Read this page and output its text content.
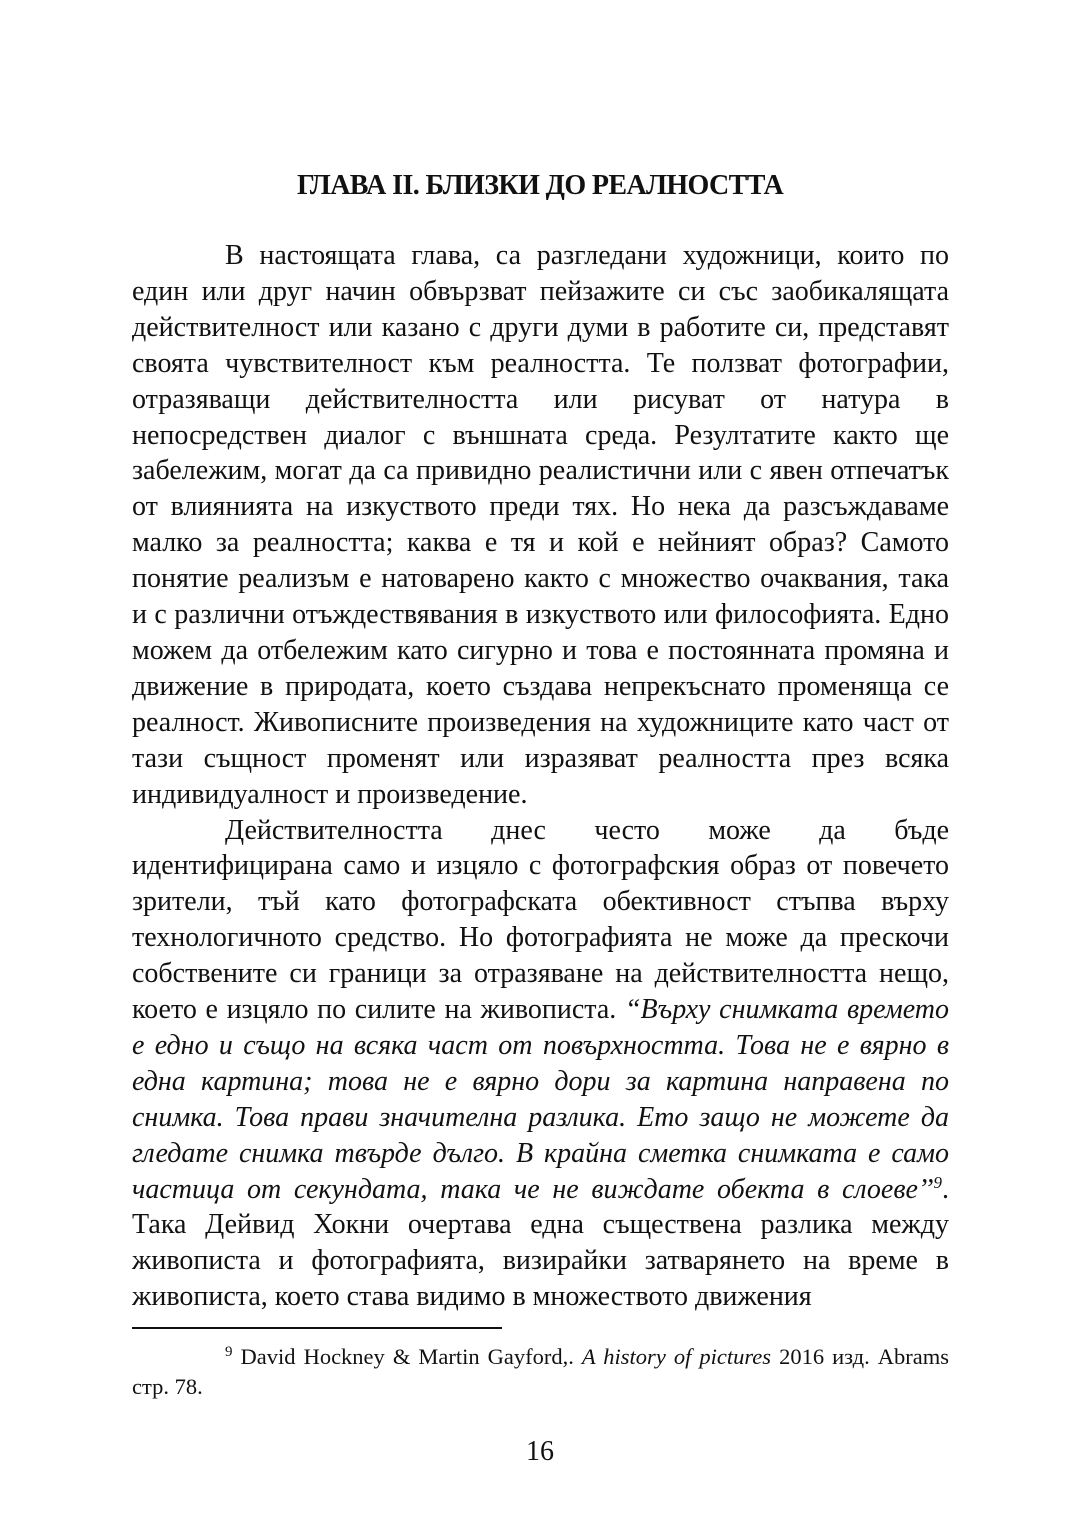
ГЛАВА II. БЛИЗКИ ДО РЕАЛНОСТТА

В настоящата глава, са разгледани художници, които по един или друг начин обвързват пейзажите си със заобикалящата действителност или казано с други думи в работите си, представят своята чувствителност към реалността. Те ползват фотографии, отразяващи действителността или рисуват от натура в непосредствен диалог с външната среда. Резултатите както ще забележим, могат да са привидно реалистични или с явен отпечатък от влиянията на изкуството преди тях. Но нека да разсъждаваме малко за реалността; каква е тя и кой е нейният образ? Самото понятие реализъм е натоварено както с множество очаквания, така и с различни отъждествявания в изкуството или философията. Едно можем да отбележим като сигурно и това е постоянната промяна и движение в природата, което създава непрекъснато променяща се реалност. Живописните произведения на художниците като част от тази същност променят или изразяват реалността през всяка индивидуалност и произведение.

Действителността днес често може да бъде идентифицирана само и изцяло с фотографския образ от повечето зрители, тъй като фотографската обективност стъпва върху технологичното средство. Но фотографията не може да прескочи собствените си граници за отразяване на действителността нещо, което е изцяло по силите на живописта. “Върху снимката времето е едно и също на всяка част от повърхността. Това не е вярно в една картина; това не е вярно дори за картина направена по снимка. Това прави значителна разлика. Ето защо не можете да гледате снимка твърде дълго. В крайна сметка снимката е само частица от секундата, така че не виждате обекта в слоеве’’$^9$. Така Дейвид Хокни очертава една съществена разлика между живописта и фотографията, визирайки затварянето на време в живописта, което става видимо в множеството движения

$^9$ David Hockney & Martin Gayford,. A history of pictures 2016 изд. Abrams стр. 78.

16
